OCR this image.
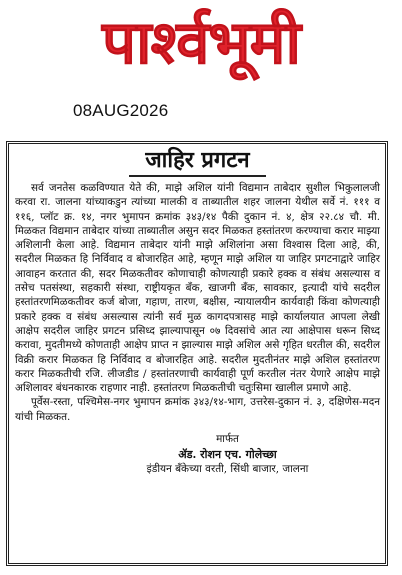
पार्श्वभूमी
08AUG2026
जाहिर प्रगटन

सर्व जनतेस कळविण्यात येते की, माझे अशिल यांनी विद्यमान ताबेदार सुशील भिकुलालजी करवा रा. जालना यांच्याकडुन त्यांच्या मालकी व ताब्यातील शहर जालना येथील सर्वे नं. १११ व ११६, प्लॉट क्र. १४, नगर भुमापन क्रमांक ३४३/१४ पैकी दुकान नं. ४, क्षेत्र २२.८४ चौ. मी. मिळकत विद्यमान ताबेदार यांच्या ताब्यातील असुन सदर मिळकत हस्तांतरण करण्याचा करार माझ्या अशिलानी केला आहे. विद्यमान ताबेदार यांनी माझे अशिलांना असा विश्वास दिला आहे, की, सदरील मिळकत हि निर्विवाद व बोजारहित आहे, म्हणून माझे अशिल या जाहिर प्रगटनाद्वारे जाहिर आवाहन करतात की, सदर मिळकतीवर कोणाचाही कोणत्याही प्रकारे हक्क व संबंध असल्यास व तसेच पतसंस्था, सहकारी संस्था, राष्ट्रीयकृत बँक, खाजगी बँक, सावकार, इत्यादी यांचे सदरील हस्तांतरणमिळकतीवर कर्ज बोजा, गहाण, तारण, बक्षीस, न्यायालयीन कार्यवाही किंवा कोणत्याही प्रकारे हक्क व संबंध असल्यास त्यांनी सर्व मुळ कागदपत्रासह माझे कार्यालयात आपला लेखी आक्षेप सदरील जाहिर प्रगटन प्रसिध्द झाल्यापासून ०७ दिवसांचे आत त्या आक्षेपास धरून सिध्द करावा, मुदतीमध्ये कोणताही आक्षेप प्राप्त न झाल्यास माझे अशिल असे गृहित धरतील की, सदरील विक्री करार मिळकत हि निर्विवाद व बोजारहित आहे. सदरील मुदतीनंतर माझे अशिल हस्तांतरण करार मिळकतीची रजि. लीजडीड / हस्तांतरणाची कार्यवाही पूर्ण करतील नंतर येणारे आक्षेप माझे अशिलावर बंधनकारक राहणार नाही. हस्तांतरण मिळकतीची चतुःसिमा खालील प्रमाणे आहे.

पूर्वेस-रस्ता, पश्चिमेस-नगर भुमापन क्रमांक ३४३/१४-भाग, उत्तरेस-दुकान नं. ३, दक्षिणेस-मदन यांची मिळकत.

मार्फत
ॲड. रोशन एच. गोलेच्छा
इंडीयन बँकेच्या वरती, सिंधी बाजार, जालना
